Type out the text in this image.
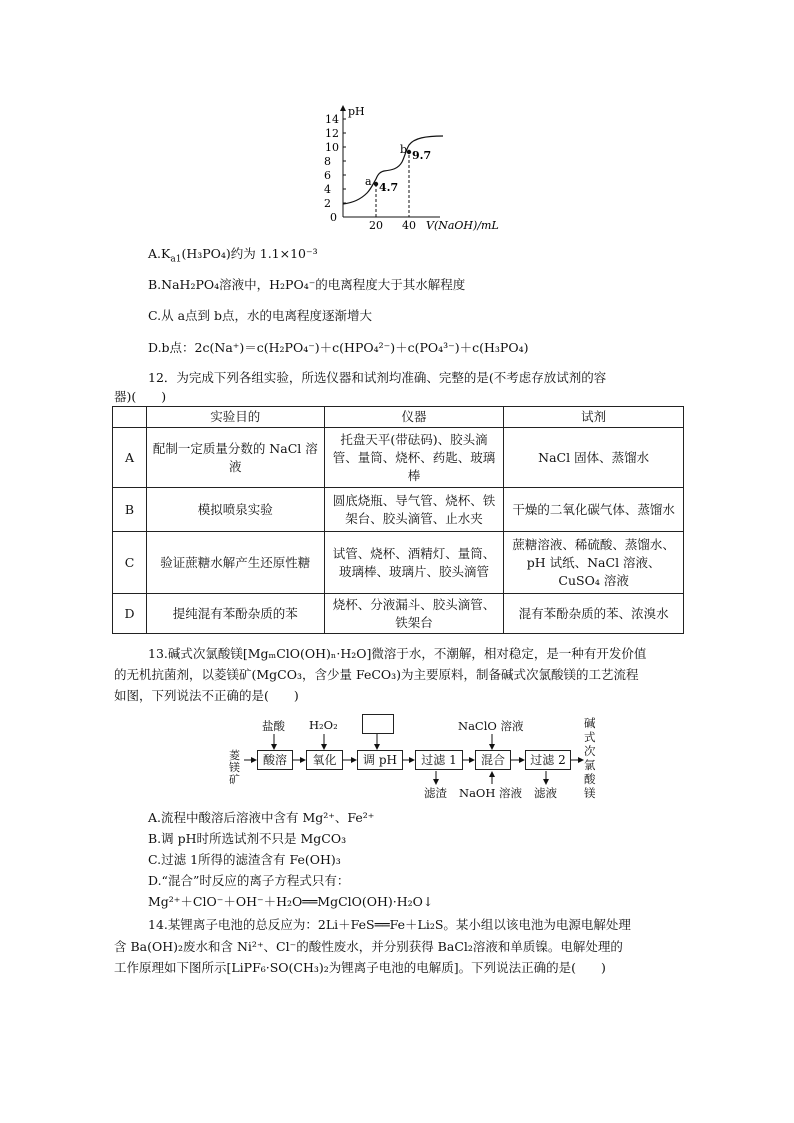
pH
2
4
6
8
10
12
14
0
20 40 V(NaOH)/mL
a 4.7
b 9.7
$A.K_{a1}(H_3PO_4)$约为 1.1×10⁻³
B.NaH₂PO₄溶液中，H₂PO₄⁻的电离程度大于其水解程度
C.从 a点到 b点，水的电离程度逐渐增大
D.b点：2c(Na⁺)＝c(H₂PO₄⁻)＋c(HPO₄²⁻)＋c(PO₄³⁻)＋c(H₃PO₄)
12．为完成下列各组实验，所选仪器和试剂均准确、完整的是(不考虑存放试剂的容
器)(　　)
	实验目的	仪器	试剂
A	配制一定质量分数的 NaCl 溶液	托盘天平(带砝码)、胶头滴管、量筒、烧杯、药匙、玻璃棒	NaCl 固体、蒸馏水
B	模拟喷泉实验	圆底烧瓶、导气管、烧杯、铁架台、胶头滴管、止水夹	干燥的二氧化碳气体、蒸馏水
C	验证蔗糖水解产生还原性糖	试管、烧杯、酒精灯、量筒、玻璃棒、玻璃片、胶头滴管	蔗糖溶液、稀硫酸、蒸馏水、pH 试纸、NaCl 溶液、CuSO₄ 溶液
D	提纯混有苯酚杂质的苯	烧杯、分液漏斗、胶头滴管、铁架台	混有苯酚杂质的苯、浓溴水
13.碱式次氯酸镁[MgₘClO(OH)ₙ·H₂O]微溶于水，不潮解，相对稳定，是一种有开发价值
的无机抗菌剂，以菱镁矿(MgCO₃，含少量 FeCO₃)为主要原料，制备碱式次氯酸镁的工艺流程
如图，下列说法不正确的是(　　)
菱镁矿
盐酸 H₂O₂	NaClO 溶液
酸溶	氧化	调 pH	过滤 1	混合	过滤 2
碱式次氯酸镁
滤渣 NaOH 溶液 滤液
A.流程中酸溶后溶液中含有 Mg²⁺、Fe²⁺
B.调 pH时所选试剂不只是 MgCO₃
C.过滤 1所得的滤渣含有 Fe(OH)₃
D.“混合”时反应的离子方程式只有：
Mg²⁺＋ClO⁻＋OH⁻＋H₂O══MgClO(OH)·H₂O↓
14.某锂离子电池的总反应为：2Li＋FeS══Fe＋Li₂S。某小组以该电池为电源电解处理
含 Ba(OH)₂废水和含 Ni²⁺、Cl⁻的酸性废水，并分别获得 BaCl₂溶液和单质镍。电解处理的
工作原理如下图所示[LiPF₆·SO(CH₃)₂为锂离子电池的电解质]。下列说法正确的是(　　)
